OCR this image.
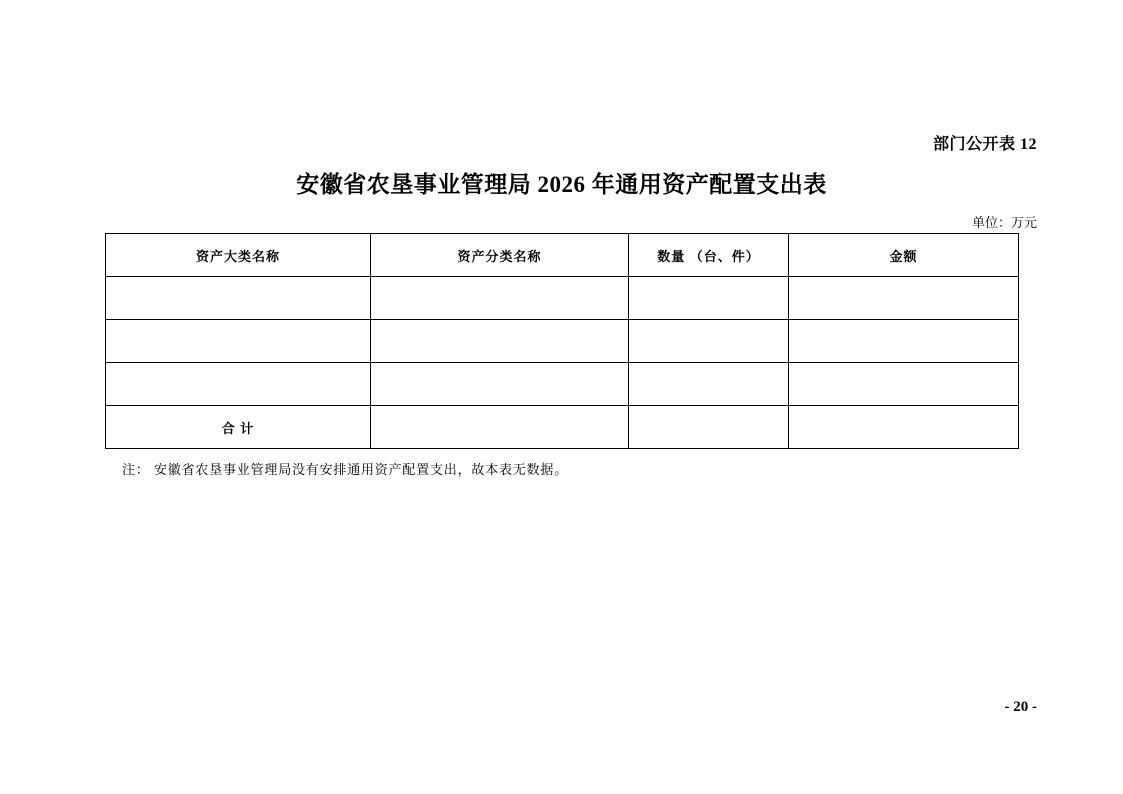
部门公开表 12
安徽省农垦事业管理局 2026 年通用资产配置支出表
单位：万元
资产大类名称	资产分类名称	数量 （台、件）	金额

合 计			
注： 安徽省农垦事业管理局没有安排通用资产配置支出，故本表无数据。
- 20 -
